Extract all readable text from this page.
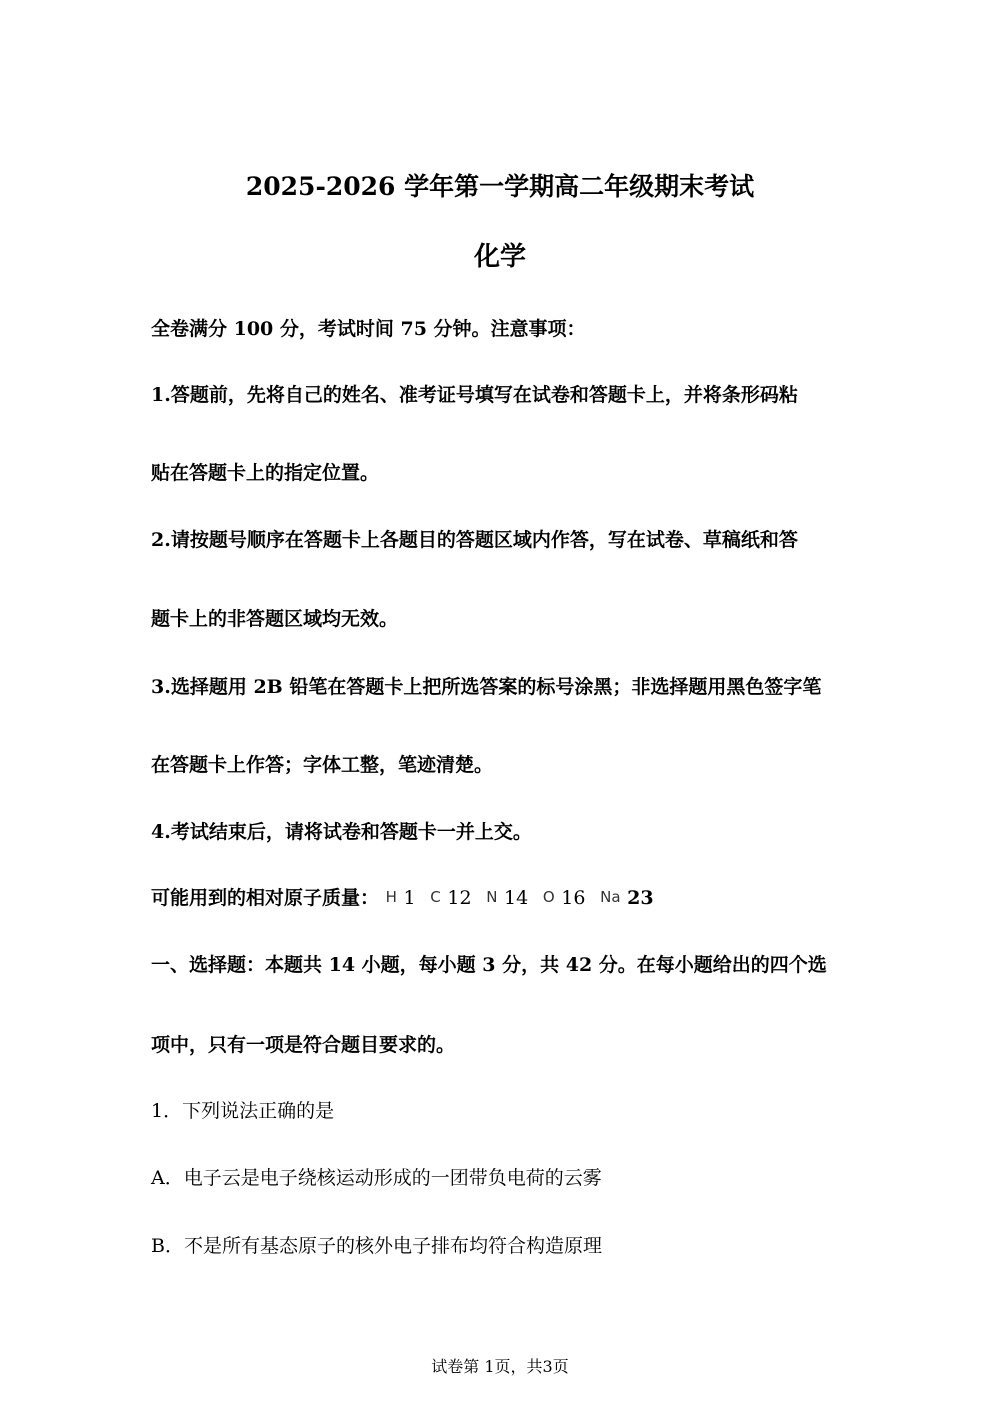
2025-2026 学年第一学期高二年级期末考试
化学
全卷满分 100 分，考试时间 75 分钟。注意事项：
1.答题前，先将自己的姓名、准考证号填写在试卷和答题卡上，并将条形码粘
贴在答题卡上的指定位置。
2.请按题号顺序在答题卡上各题目的答题区域内作答，写在试卷、草稿纸和答
题卡上的非答题区域均无效。
3.选择题用 2B 铅笔在答题卡上把所选答案的标号涂黑；非选择题用黑色签字笔
在答题卡上作答；字体工整，笔迹清楚。
4.考试结束后，请将试卷和答题卡一并上交。
可能用到的相对原子质量： H 1 C 12 N 14 O 16 Na 23
一、选择题：本题共 14 小题，每小题 3 分，共 42 分。在每小题给出的四个选
项中，只有一项是符合题目要求的。
1．下列说法正确的是
A．电子云是电子绕核运动形成的一团带负电荷的云雾
B．不是所有基态原子的核外电子排布均符合构造原理
试卷第 1页，共3页
